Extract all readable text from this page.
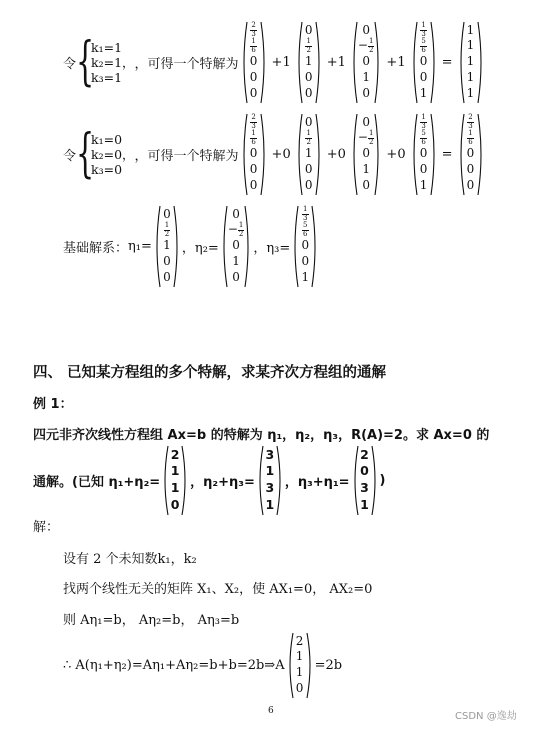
令 {
k₁=1
k₂=1，
k₃=1
，可得一个特解为
$\frac{2}{3}$
$\frac{1}{6}$
0
0
0
+1
0
$\frac{1}{2}$
1
0
0
+1
0
− $\frac{1}{2}$
0
1
0
+1
$\frac{1}{3}$
$\frac{5}{6}$
0
0
1
=
1
1
1
1
1
令 {
k₁=0
k₂=0，
k₃=0
，可得一个特解为
$\frac{2}{3}$
$\frac{1}{6}$
0
0
0
+0
0
$\frac{1}{2}$
1
0
0
+0
0
− $\frac{1}{2}$
0
1
0
+0
$\frac{1}{3}$
$\frac{5}{6}$
0
0
1
=
$\frac{2}{3}$
$\frac{1}{6}$
0
0
0
基础解系： η₁=
0
$\frac{1}{2}$
1
0
0
，η₂=
0
− $\frac{1}{2}$
0
1
0
，η₃=
$\frac{1}{3}$
$\frac{5}{6}$
0
0
1
四、 已知某方程组的多个特解，求某齐次方程组的通解
例 1：
四元非齐次线性方程组 Ax=b 的特解为 η₁，η₂，η₃，R(A)=2。求 Ax=0 的
通解。(已知 η₁+η₂=
2
1
1
0
，η₂+η₃=
3
1
3
1
，η₃+η₁=
2
0
3
1
)
解：
设有 2 个未知数k₁，k₂
找两个线性无关的矩阵 X₁、X₂，使 AX₁=0， AX₂=0
则 Aη₁=b， Aη₂=b， Aη₃=b
∴ A(η₁+η₂)=Aη₁+Aη₂=b+b=2b⇒A
2
1
1
0
=2b
6	CSDN @逸劫
